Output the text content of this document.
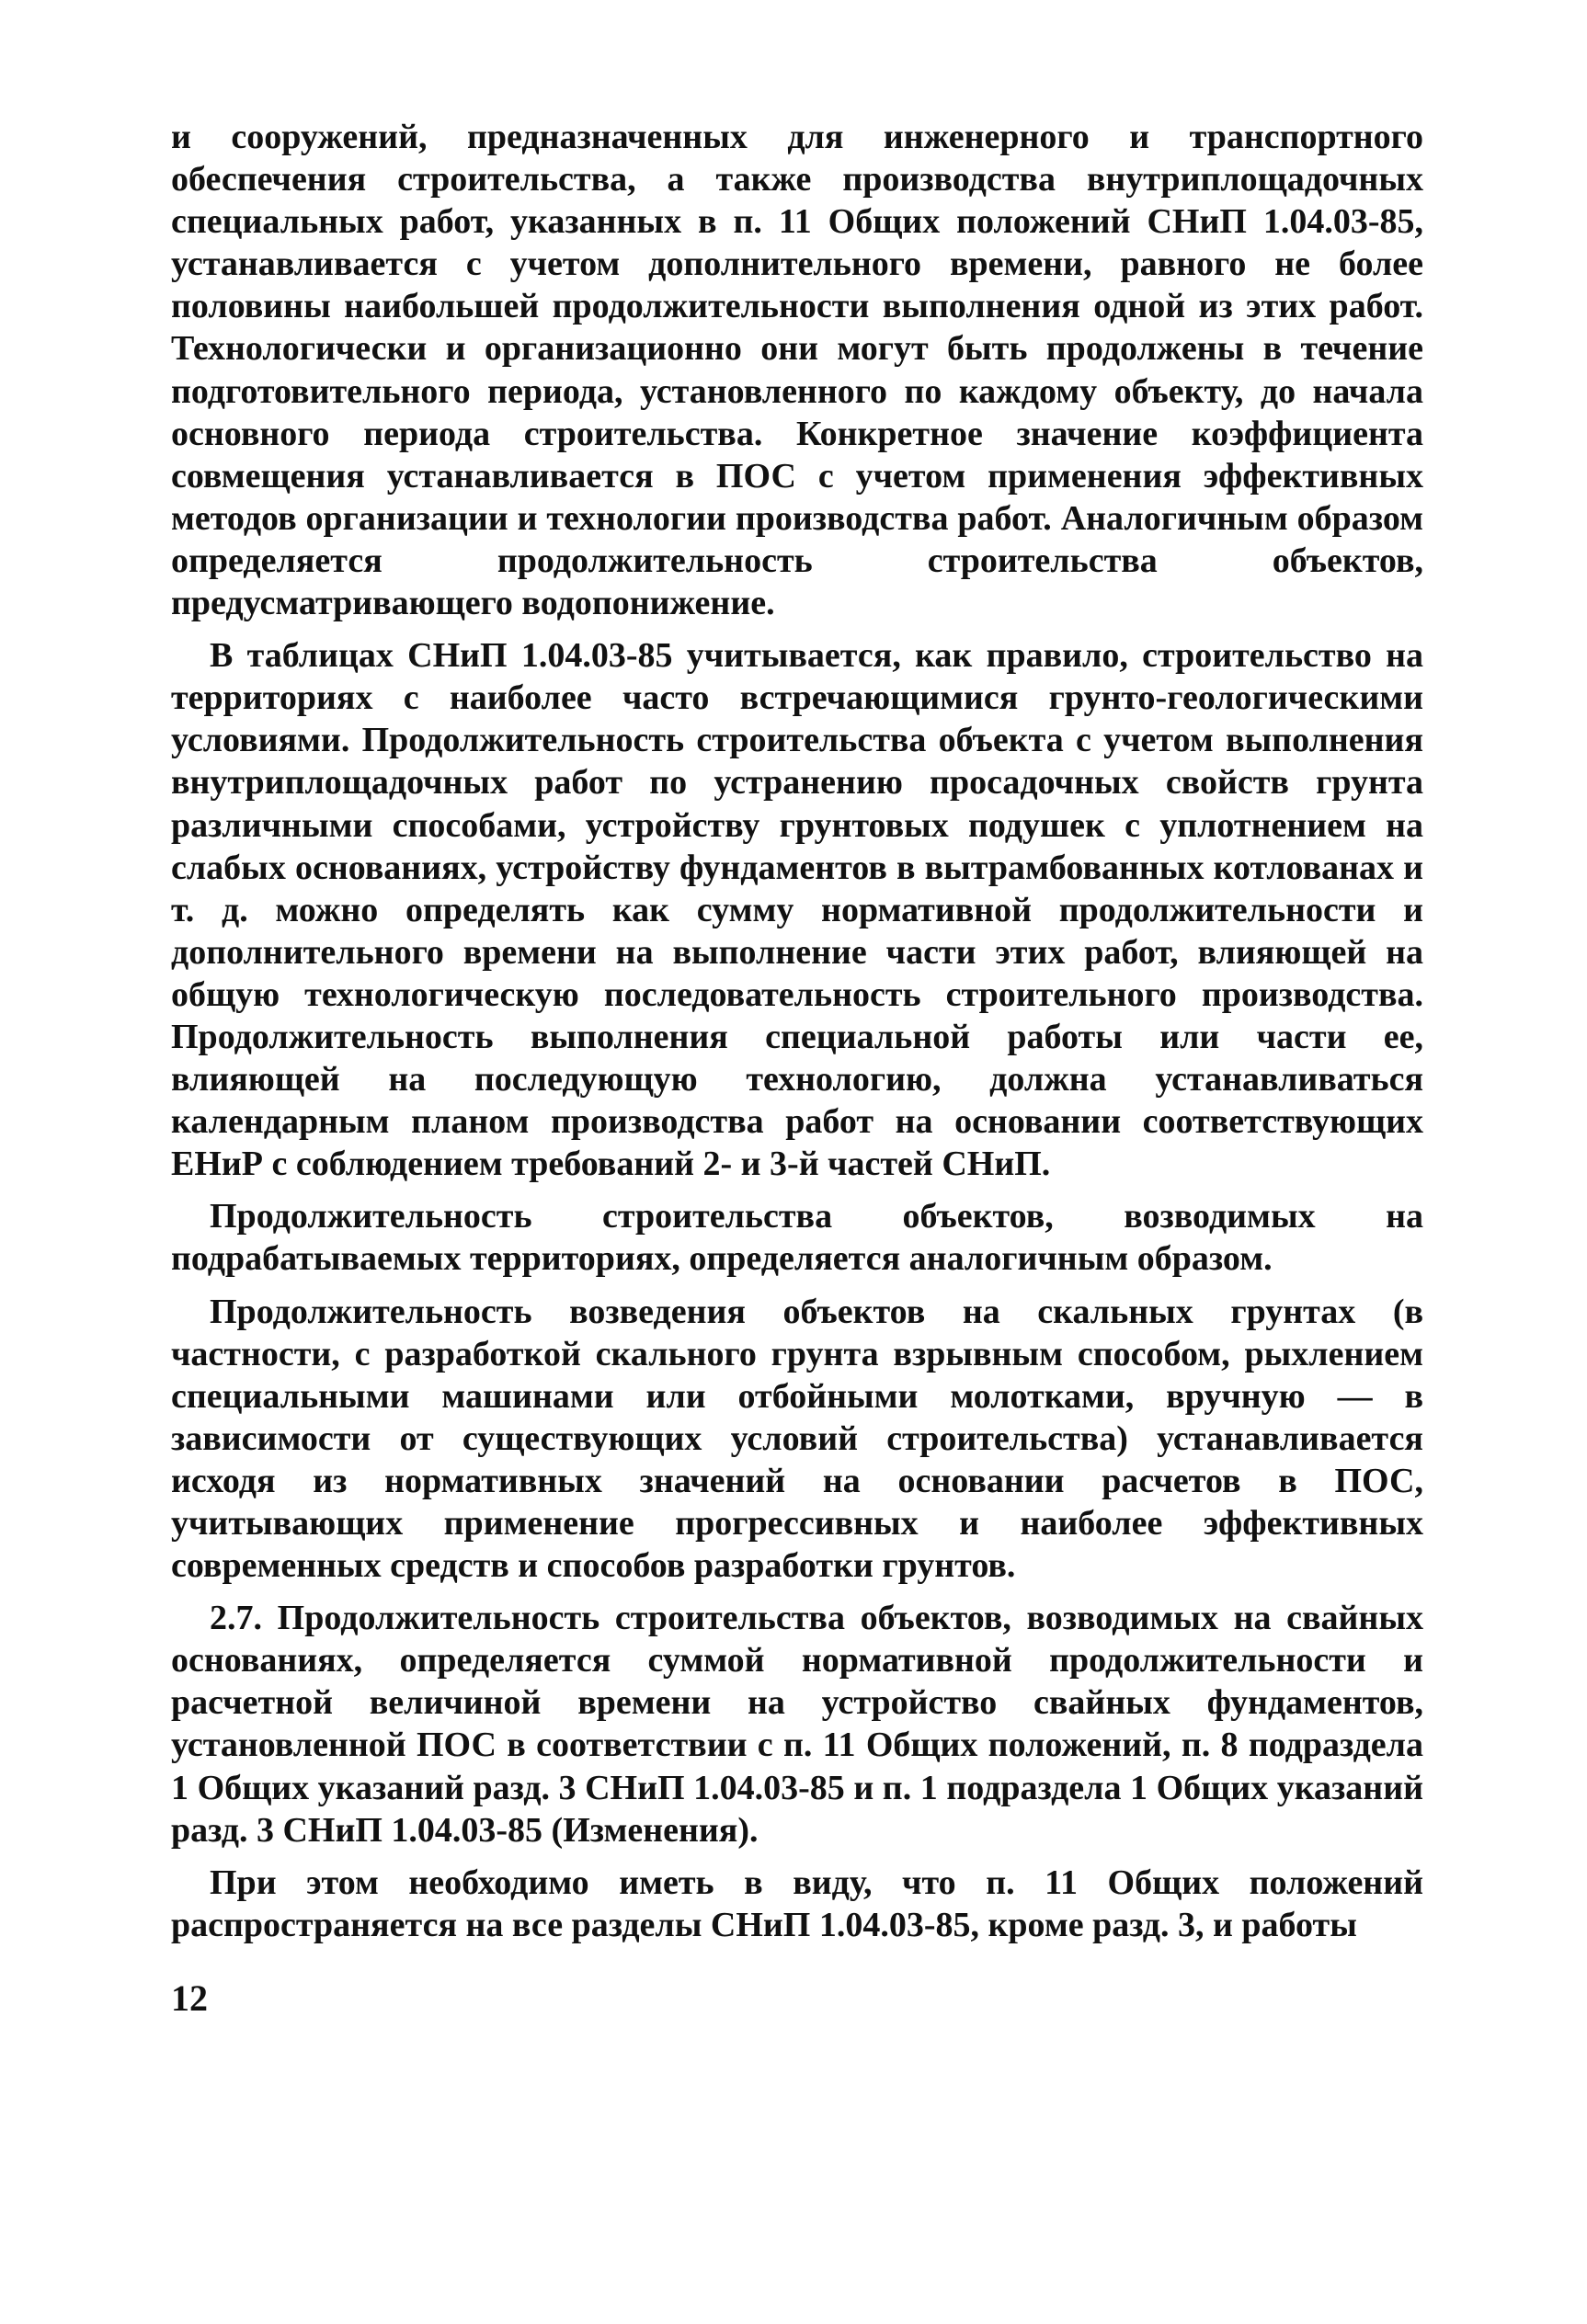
и сооружений, предназначенных для инженерного и транспортного обеспечения строительства, а также производства внутриплощадочных специальных работ, указанных в п. 11 Общих положений СНиП 1.04.03-85, устанавливается с учетом дополнительного времени, равного не более половины наибольшей продолжительности выполнения одной из этих работ. Технологически и организационно они могут быть продолжены в течение подготовительного периода, установленного по каждому объекту, до начала основного периода строительства. Конкретное значение коэффициента совмещения устанавливается в ПОС с учетом применения эффективных методов организации и технологии производства работ. Аналогичным образом определяется продолжительность строительства объектов, предусматривающего водопонижение.

В таблицах СНиП 1.04.03-85 учитывается, как правило, строительство на территориях с наиболее часто встречающимися грунто-геологическими условиями. Продолжительность строительства объекта с учетом выполнения внутриплощадочных работ по устранению просадочных свойств грунта различными способами, устройству грунтовых подушек с уплотнением на слабых основаниях, устройству фундаментов в вытрамбованных котлованах и т. д. можно определять как сумму нормативной продолжительности и дополнительного времени на выполнение части этих работ, влияющей на общую технологическую последовательность строительного производства. Продолжительность выполнения специальной работы или части ее, влияющей на последующую технологию, должна устанавливаться календарным планом производства работ на основании соответствующих ЕНиР с соблюдением требований 2- и 3-й частей СНиП.

Продолжительность строительства объектов, возводимых на подрабатываемых территориях, определяется аналогичным образом.

Продолжительность возведения объектов на скальных грунтах (в частности, с разработкой скального грунта взрывным способом, рыхлением специальными машинами или отбойными молотками, вручную — в зависимости от существующих условий строительства) устанавливается исходя из нормативных значений на основании расчетов в ПОС, учитывающих применение прогрессивных и наиболее эффективных современных средств и способов разработки грунтов.

2.7. Продолжительность строительства объектов, возводимых на свайных основаниях, определяется суммой нормативной продолжительности и расчетной величиной времени на устройство свайных фундаментов, установленной ПОС в соответствии с п. 11 Общих положений, п. 8 подраздела 1 Общих указаний разд. 3 СНиП 1.04.03-85 и п. 1 подраздела 1 Общих указаний разд. 3 СНиП 1.04.03-85 (Изменения).

При этом необходимо иметь в виду, что п. 11 Общих положений распространяется на все разделы СНиП 1.04.03-85, кроме разд. 3, и работы

12
